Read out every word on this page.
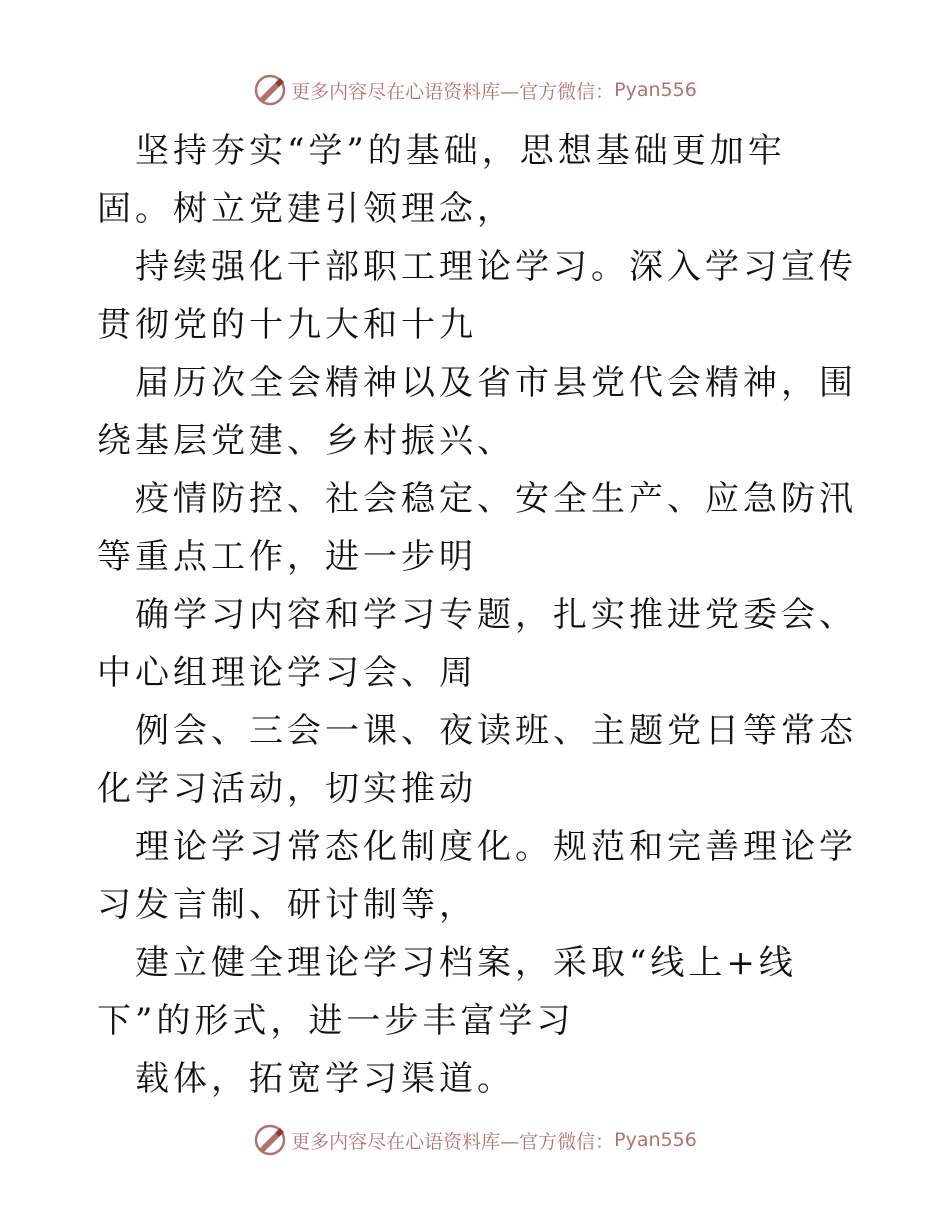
更多内容尽在心语资料库—官方微信： Pyan556

坚持夯实“学”的基础，思想基础更加牢固。树立党建引领理念，

持续强化干部职工理论学习。深入学习宣传贯彻党的十九大和十九

届历次全会精神以及省市县党代会精神，围绕基层党建、乡村振兴、

疫情防控、社会稳定、安全生产、应急防汛等重点工作，进一步明

确学习内容和学习专题，扎实推进党委会、中心组理论学习会、周

例会、三会一课、夜读班、主题党日等常态化学习活动，切实推动

理论学习常态化制度化。规范和完善理论学习发言制、研讨制等，

建立健全理论学习档案，采取“线上+线下”的形式，进一步丰富学习

载体，拓宽学习渠道。

更多内容尽在心语资料库—官方微信： Pyan556
